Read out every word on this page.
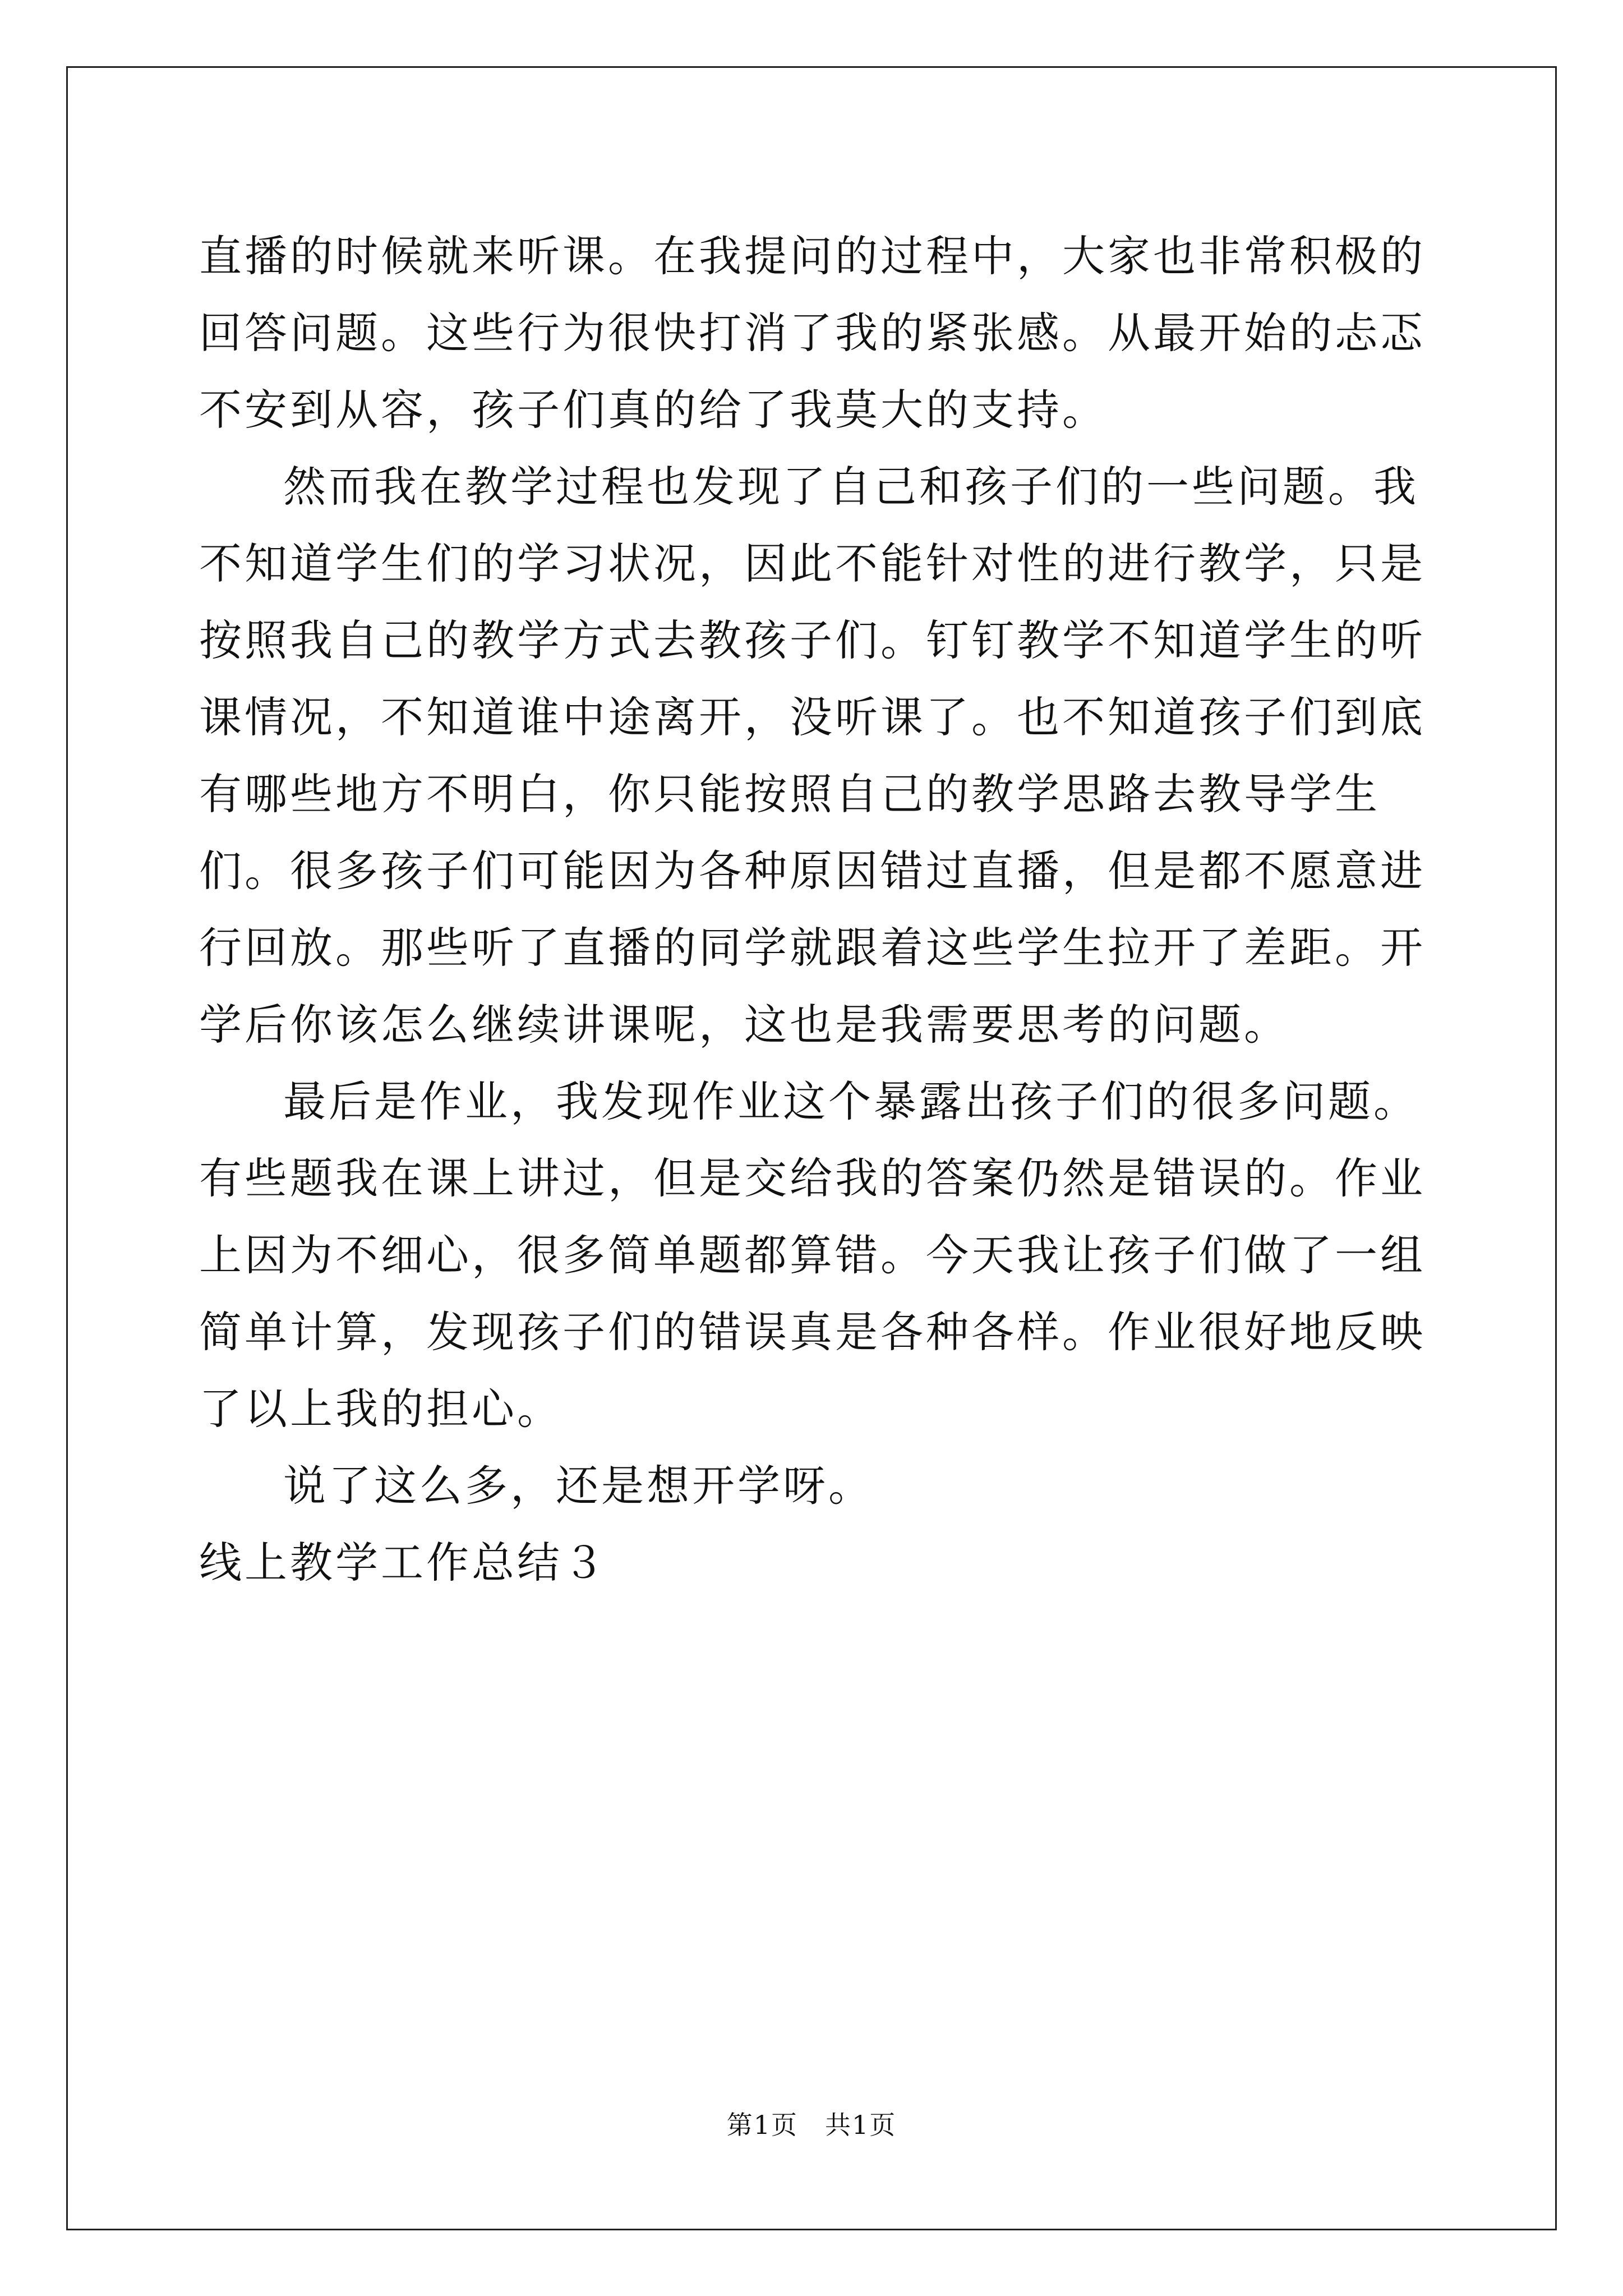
直播的时候就来听课。在我提问的过程中，大家也非常积极的回答问题。这些行为很快打消了我的紧张感。从最开始的忐忑不安到从容，孩子们真的给了我莫大的支持。

然而我在教学过程也发现了自己和孩子们的一些问题。我不知道学生们的学习状况，因此不能针对性的进行教学，只是按照我自己的教学方式去教孩子们。钉钉教学不知道学生的听课情况，不知道谁中途离开，没听课了。也不知道孩子们到底有哪些地方不明白，你只能按照自己的教学思路去教导学生们。很多孩子们可能因为各种原因错过直播，但是都不愿意进行回放。那些听了直播的同学就跟着这些学生拉开了差距。开学后你该怎么继续讲课呢，这也是我需要思考的问题。

最后是作业，我发现作业这个暴露出孩子们的很多问题。有些题我在课上讲过，但是交给我的答案仍然是错误的。作业上因为不细心，很多简单题都算错。今天我让孩子们做了一组简单计算，发现孩子们的错误真是各种各样。作业很好地反映了以上我的担心。

说了这么多，还是想开学呀。

线上教学工作总结３

第1页　共1页
